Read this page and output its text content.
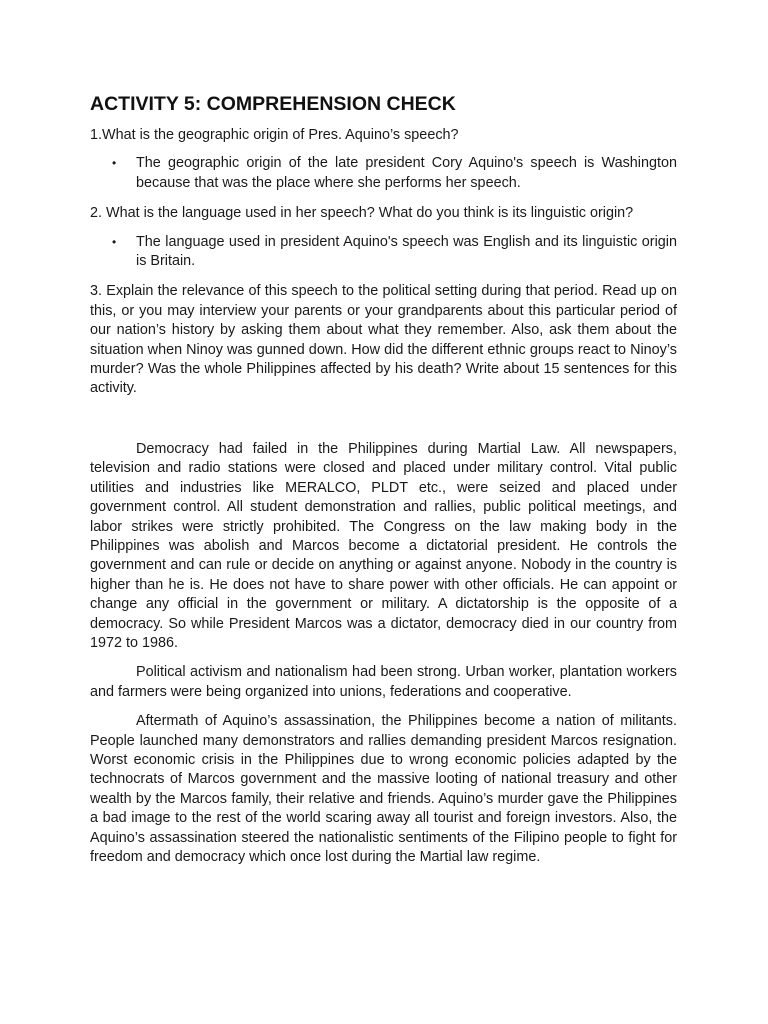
ACTIVITY 5: COMPREHENSION CHECK

1.What is the geographic origin of Pres. Aquino’s speech?

• The geographic origin of the late president Cory Aquino's speech is Washington because that was the place where she performs her speech.

2. What is the language used in her speech? What do you think is its linguistic origin?

• The language used in president Aquino's speech was English and its linguistic origin is Britain.

3. Explain the relevance of this speech to the political setting during that period. Read up on this, or you may interview your parents or your grandparents about this particular period of our nation’s history by asking them about what they remember. Also, ask them about the situation when Ninoy was gunned down. How did the different ethnic groups react to Ninoy’s murder? Was the whole Philippines affected by his death? Write about 15 sentences for this activity.

Democracy had failed in the Philippines during Martial Law. All newspapers, television and radio stations were closed and placed under military control. Vital public utilities and industries like MERALCO, PLDT etc., were seized and placed under government control. All student demonstration and rallies, public political meetings, and labor strikes were strictly prohibited. The Congress on the law making body in the Philippines was abolish and Marcos become a dictatorial president. He controls the government and can rule or decide on anything or against anyone. Nobody in the country is higher than he is. He does not have to share power with other officials. He can appoint or change any official in the government or military. A dictatorship is the opposite of a democracy. So while President Marcos was a dictator, democracy died in our country from 1972 to 1986.

Political activism and nationalism had been strong. Urban worker, plantation workers and farmers were being organized into unions, federations and cooperative.

Aftermath of Aquino’s assassination, the Philippines become a nation of militants. People launched many demonstrators and rallies demanding president Marcos resignation. Worst economic crisis in the Philippines due to wrong economic policies adapted by the technocrats of Marcos government and the massive looting of national treasury and other wealth by the Marcos family, their relative and friends. Aquino’s murder gave the Philippines a bad image to the rest of the world scaring away all tourist and foreign investors. Also, the Aquino’s assassination steered the nationalistic sentiments of the Filipino people to fight for freedom and democracy which once lost during the Martial law regime.
